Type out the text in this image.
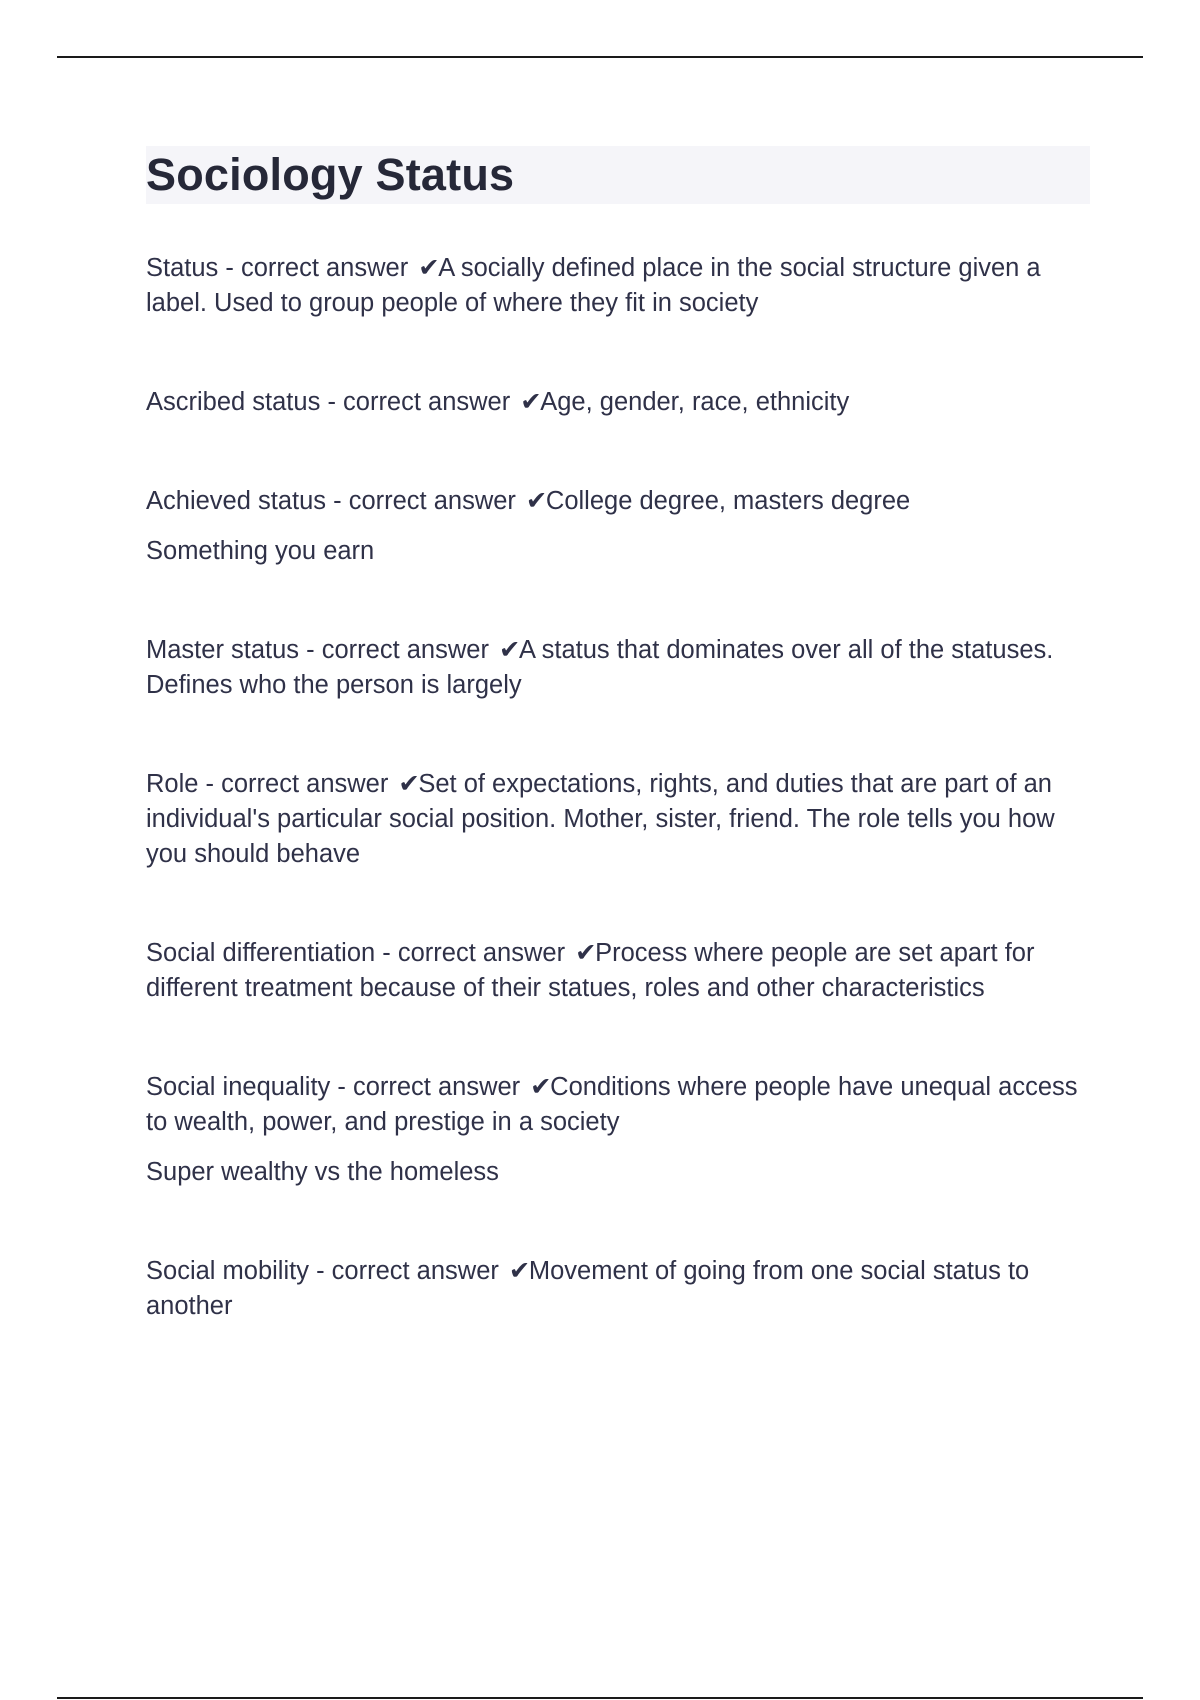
Sociology Status

Status - correct answer ✔A socially defined place in the social structure given a label. Used to group people of where they fit in society

Ascribed status - correct answer ✔Age, gender, race, ethnicity

Achieved status - correct answer ✔College degree, masters degree

Something you earn

Master status - correct answer ✔A status that dominates over all of the statuses. Defines who the person is largely

Role - correct answer ✔Set of expectations, rights, and duties that are part of an individual's particular social position. Mother, sister, friend. The role tells you how you should behave

Social differentiation - correct answer ✔Process where people are set apart for different treatment because of their statues, roles and other characteristics

Social inequality - correct answer ✔Conditions where people have unequal access to wealth, power, and prestige in a society

Super wealthy vs the homeless

Social mobility - correct answer ✔Movement of going from one social status to another
